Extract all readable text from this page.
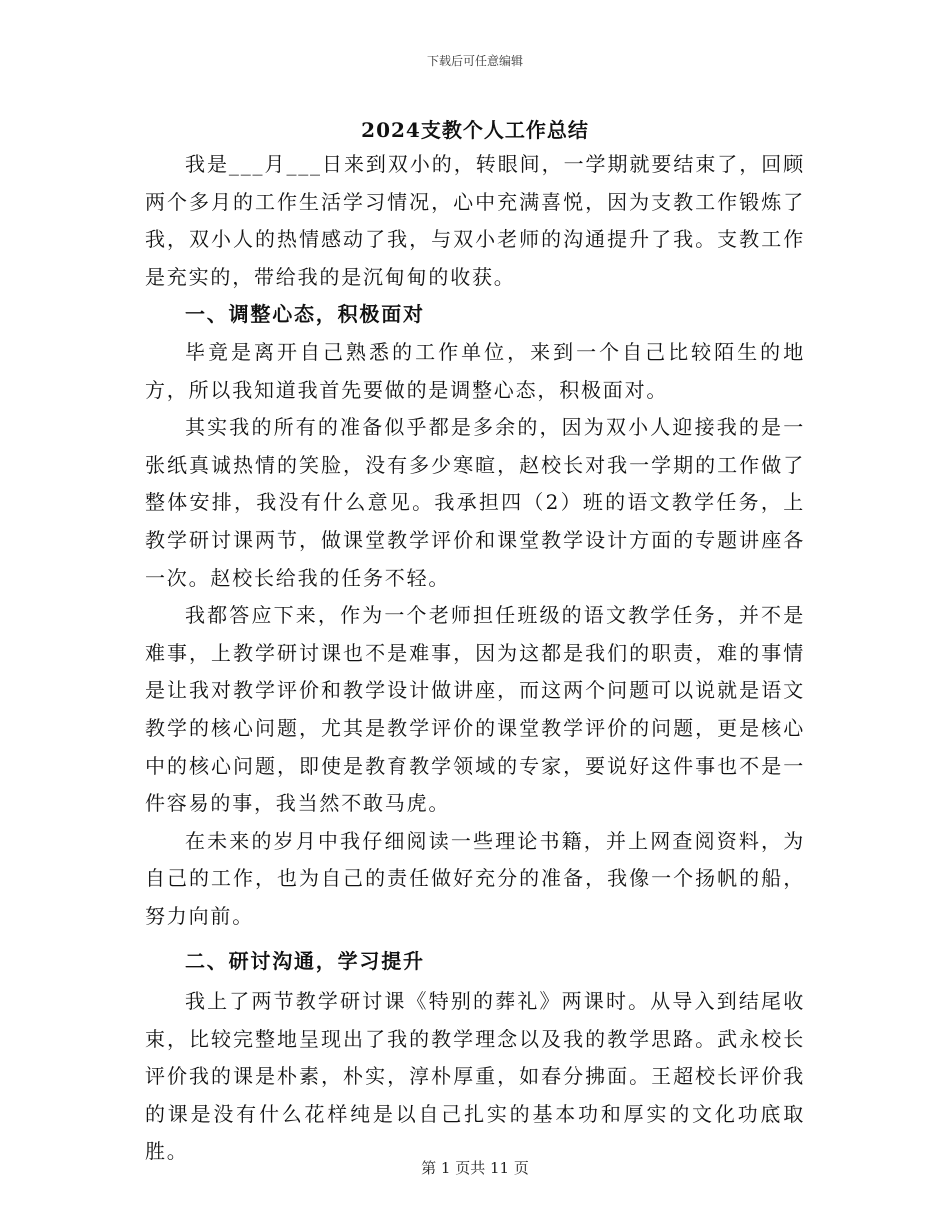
下载后可任意编辑
2024支教个人工作总结

我是___月___日来到双小的，转眼间，一学期就要结束了，回顾两个多月的工作生活学习情况，心中充满喜悦，因为支教工作锻炼了我，双小人的热情感动了我，与双小老师的沟通提升了我。支教工作是充实的，带给我的是沉甸甸的收获。

一、调整心态，积极面对

毕竟是离开自己熟悉的工作单位，来到一个自己比较陌生的地方，所以我知道我首先要做的是调整心态，积极面对。

其实我的所有的准备似乎都是多余的，因为双小人迎接我的是一张纸真诚热情的笑脸，没有多少寒暄，赵校长对我一学期的工作做了整体安排，我没有什么意见。我承担四（2）班的语文教学任务，上教学研讨课两节，做课堂教学评价和课堂教学设计方面的专题讲座各一次。赵校长给我的任务不轻。

我都答应下来，作为一个老师担任班级的语文教学任务，并不是难事，上教学研讨课也不是难事，因为这都是我们的职责，难的事情是让我对教学评价和教学设计做讲座，而这两个问题可以说就是语文教学的核心问题，尤其是教学评价的课堂教学评价的问题，更是核心中的核心问题，即使是教育教学领域的专家，要说好这件事也不是一件容易的事，我当然不敢马虎。

在未来的岁月中我仔细阅读一些理论书籍，并上网查阅资料，为自己的工作，也为自己的责任做好充分的准备，我像一个扬帆的船，努力向前。

二、研讨沟通，学习提升

我上了两节教学研讨课《特别的葬礼》两课时。从导入到结尾收束，比较完整地呈现出了我的教学理念以及我的教学思路。武永校长评价我的课是朴素，朴实，淳朴厚重，如春分拂面。王超校长评价我的课是没有什么花样纯是以自己扎实的基本功和厚实的文化功底取胜。

第 1 页共 11 页
